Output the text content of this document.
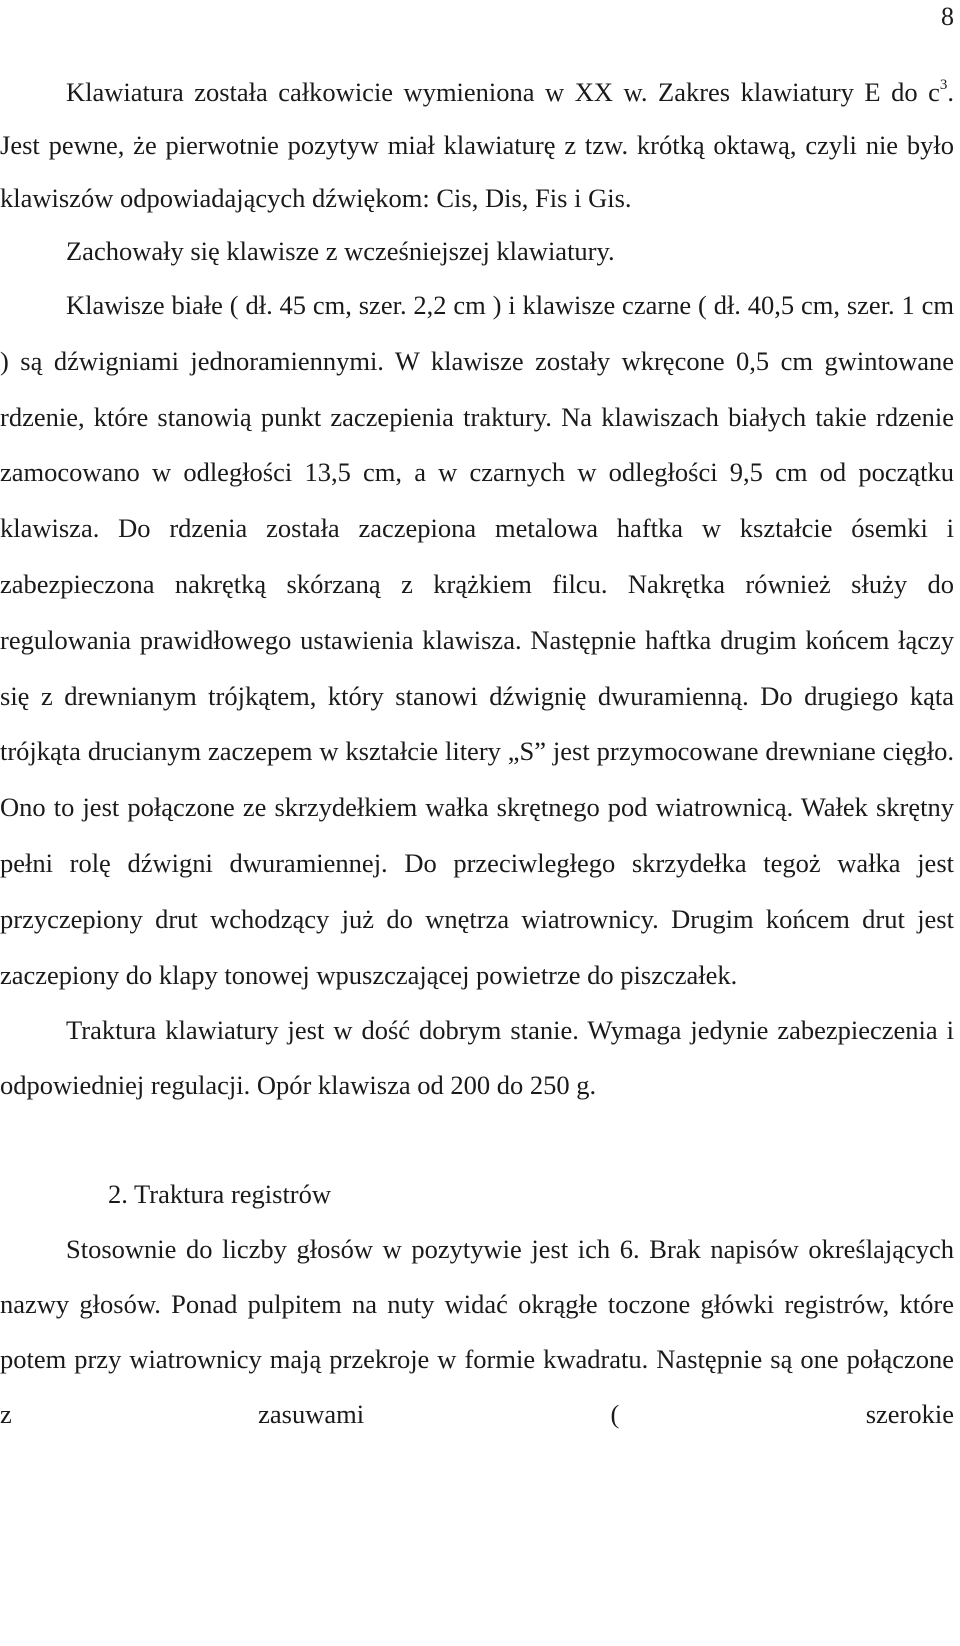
8

Klawiatura została całkowicie wymieniona w XX w. Zakres klawiatury E do $c^3$. Jest pewne, że pierwotnie pozytyw miał klawiaturę z tzw. krótką oktawą, czyli nie było klawiszów odpowiadających dźwiękom: Cis, Dis, Fis i Gis.

Zachowały się klawisze z wcześniejszej klawiatury.

Klawisze białe ( dł. 45 cm, szer. 2,2 cm ) i klawisze czarne ( dł. 40,5 cm, szer. 1 cm ) są dźwigniami jednoramiennymi. W klawisze zostały wkręcone 0,5 cm gwintowane rdzenie, które stanowią punkt zaczepienia traktury. Na klawiszach białych takie rdzenie zamocowano w odległości 13,5 cm, a w czarnych w odległości 9,5 cm od początku klawisza. Do rdzenia została zaczepiona metalowa haftka w kształcie ósemki i zabezpieczona nakrętką skórzaną z krążkiem filcu. Nakrętka również służy do regulowania prawidłowego ustawienia klawisza. Następnie haftka drugim końcem łączy się z drewnianym trójkątem, który stanowi dźwignię dwuramienną. Do drugiego kąta trójkąta drucianym zaczepem w kształcie litery „S” jest przymocowane drewniane cięgło. Ono to jest połączone ze skrzydełkiem wałka skrętnego pod wiatrownicą. Wałek skrętny pełni rolę dźwigni dwuramiennej. Do przeciwległego skrzydełka tegoż wałka jest przyczepiony drut wchodzący już do wnętrza wiatrownicy. Drugim końcem drut jest zaczepiony do klapy tonowej wpuszczającej powietrze do piszczałek.

Traktura klawiatury jest w dość dobrym stanie. Wymaga jedynie zabezpieczenia i odpowiedniej regulacji. Opór klawisza od 200 do 250 g.

2. Traktura registrów

Stosownie do liczby głosów w pozytywie jest ich 6. Brak napisów określających nazwy głosów. Ponad pulpitem na nuty widać okrągłe toczone główki registrów, które potem przy wiatrownicy mają przekroje w formie kwadratu. Następnie są one połączone z zasuwami ( szerokie
